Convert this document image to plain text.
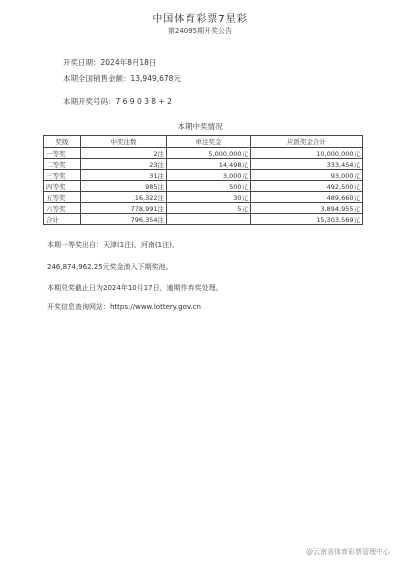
中国体育彩票7星彩
第24095期开奖公告
开奖日期：2024年8月18日
本期全国销售金额：13,949,678元
本期开奖号码：7 6 9 0 3 8 + 2
本期中奖情况
奖级	中奖注数	单注奖金	应派奖金合计
一等奖	2注	5,000,000元	10,000,000元
二等奖	23注	14,498元	333,454元
三等奖	31注	3,000元	93,000元
四等奖	985注	500元	492,500元
五等奖	16,322注	30元	489,660元
六等奖	778,991注	5元	3,894,955元
合计	796,354注		15,303,569元
本期一等奖出自：天津(1注)、河南(1注)。
246,874,962.25元奖金滚入下期奖池。
本期兑奖截止日为2024年10月17日，逾期作弃奖处理。
开奖信息查询网站：https://www.lottery.gov.cn
@云南省体育彩票管理中心
